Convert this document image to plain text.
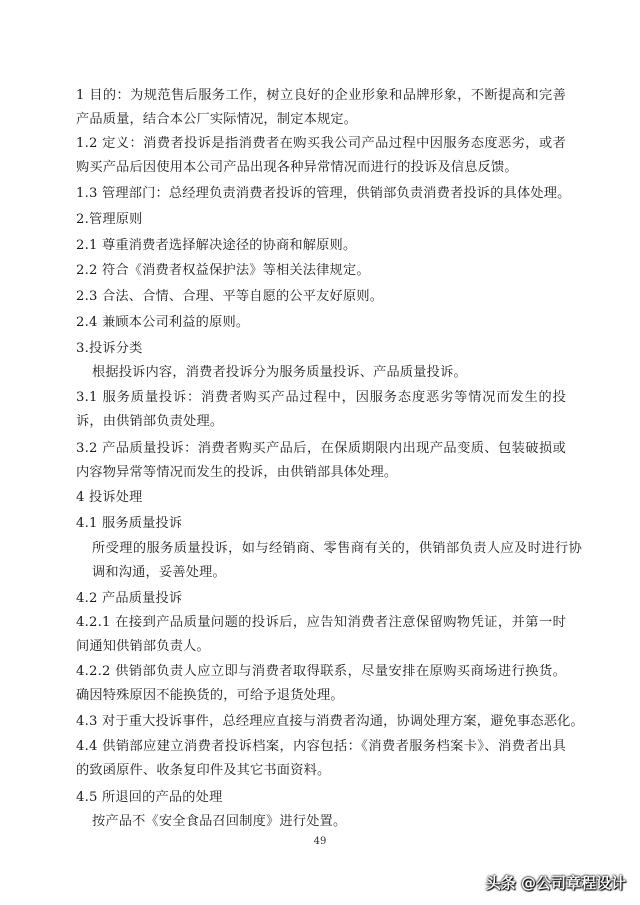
1 目的：为规范售后服务工作，树立良好的企业形象和品牌形象，不断提高和完善产品质量，结合本公厂实际情况，制定本规定。

1.2 定义：消费者投诉是指消费者在购买我公司产品过程中因服务态度恶劣，或者购买产品后因使用本公司产品出现各种异常情况而进行的投诉及信息反馈。

1.3 管理部门：总经理负责消费者投诉的管理，供销部负责消费者投诉的具体处理。

2.管理原则

2.1 尊重消费者选择解决途径的协商和解原则。

2.2 符合《消费者权益保护法》等相关法律规定。

2.3 合法、合情、合理、平等自愿的公平友好原则。

2.4 兼顾本公司利益的原则。

3.投诉分类

根据投诉内容，消费者投诉分为服务质量投诉、产品质量投诉。

3.1 服务质量投诉：消费者购买产品过程中，因服务态度恶劣等情况而发生的投诉，由供销部负责处理。

3.2 产品质量投诉：消费者购买产品后，在保质期限内出现产品变质、包装破损或内容物异常等情况而发生的投诉，由供销部具体处理。

4 投诉处理

4.1 服务质量投诉

所受理的服务质量投诉，如与经销商、零售商有关的，供销部负责人应及时进行协调和沟通，妥善处理。

4.2 产品质量投诉

4.2.1 在接到产品质量问题的投诉后，应告知消费者注意保留购物凭证，并第一时间通知供销部负责人。

4.2.2 供销部负责人应立即与消费者取得联系，尽量安排在原购买商场进行换货。确因特殊原因不能换货的，可给予退货处理。

4.3 对于重大投诉事件，总经理应直接与消费者沟通，协调处理方案，避免事态恶化。

4.4 供销部应建立消费者投诉档案，内容包括：《消费者服务档案卡》、消费者出具的致函原件、收条复印件及其它书面资料。

4.5 所退回的产品的处理

按产品不《安全食品召回制度》进行处置。

49
头条 @公司章程设计
